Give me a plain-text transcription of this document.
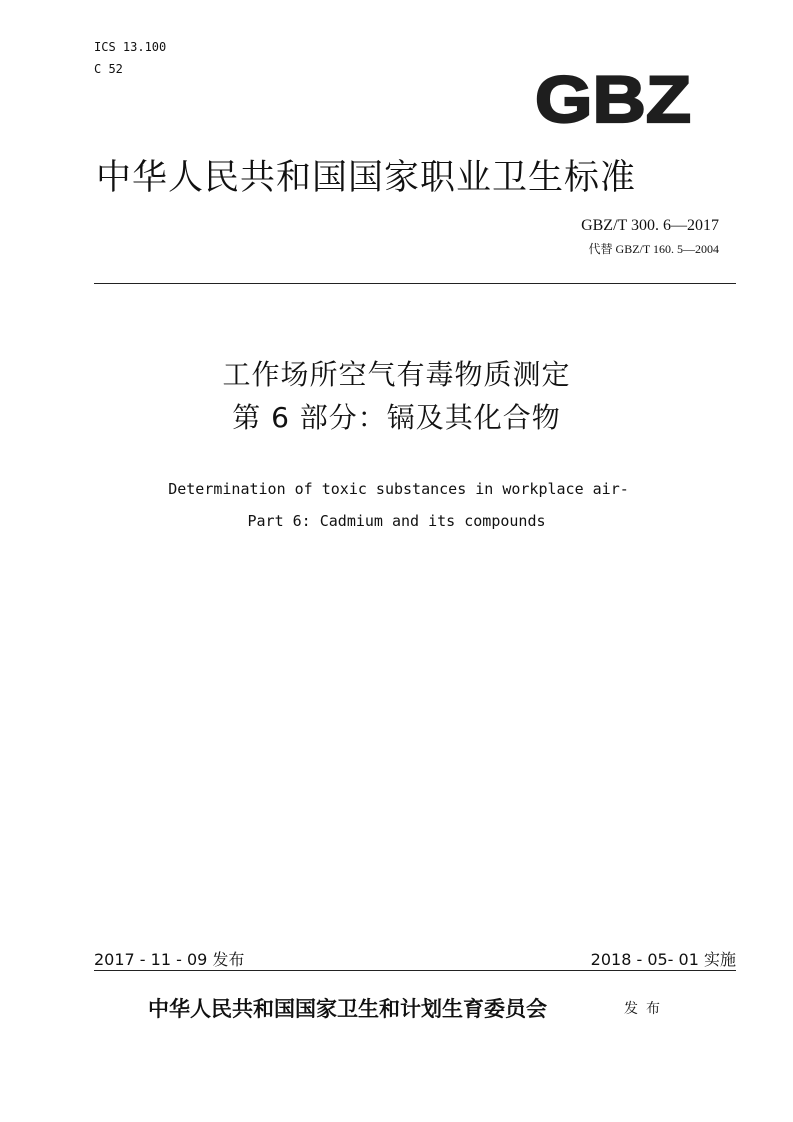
ICS 13.100
C 52	GBZ
中华人民共和国国家职业卫生标准
GBZ/T 300. 6—2017
代替 GBZ/T 160. 5—2004
工作场所空气有毒物质测定
第 6 部分：镉及其化合物
Determination of toxic substances in workplace air-
Part 6: Cadmium and its compounds
2017 - 11 - 09 发布	2018 - 05- 01 实施
中华人民共和国国家卫生和计划生育委员会	发布
